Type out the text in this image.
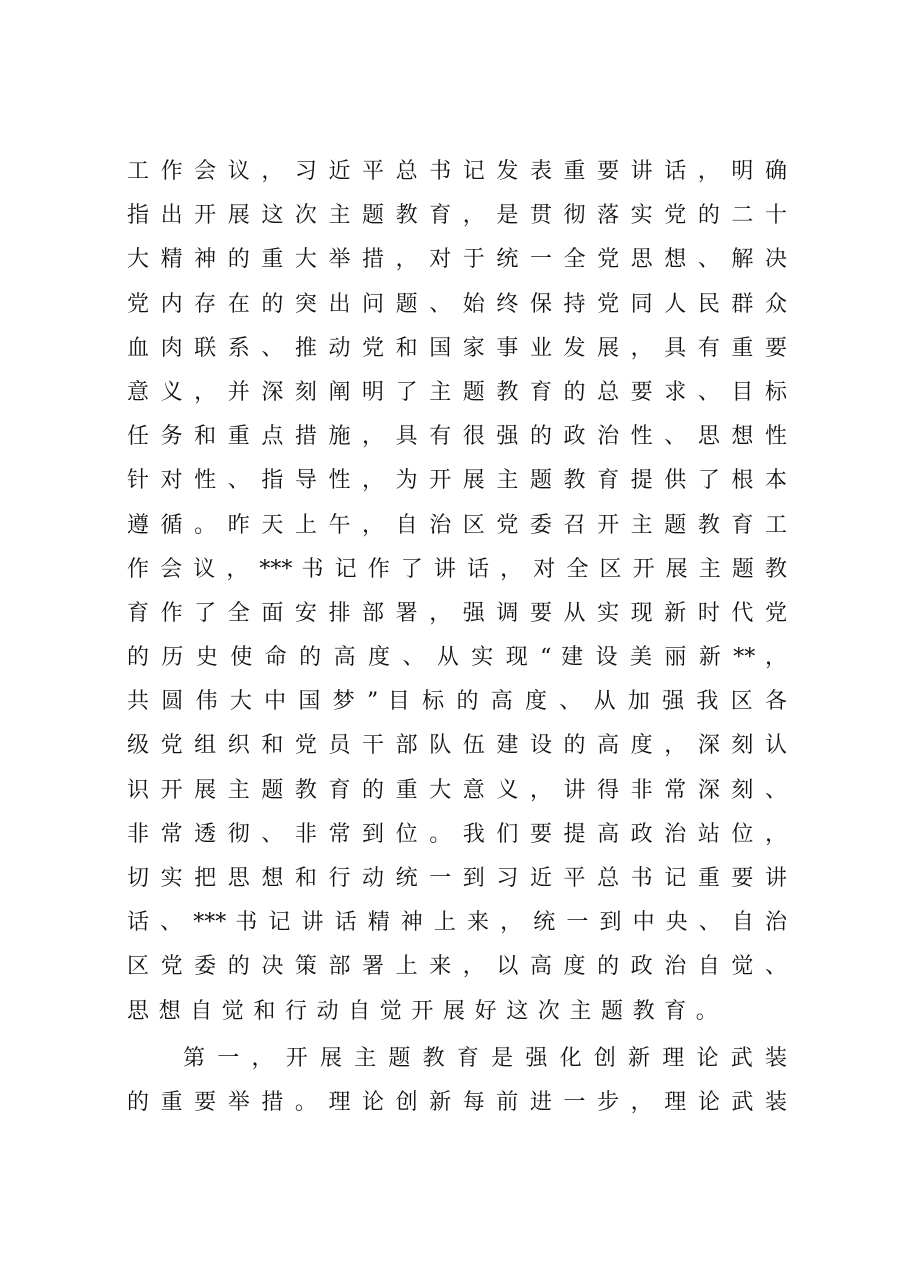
工 作 会 议 ， 习 近 平 总 书 记 发 表 重 要 讲 话 ， 明 确
指 出 开 展 这 次 主 题 教 育 ， 是 贯 彻 落 实 党 的 二 十
大 精 神 的 重 大 举 措 ， 对 于 统 一 全 党 思 想 、 解 决
党 内 存 在 的 突 出 问 题 、 始 终 保 持 党 同 人 民 群 众
血 肉 联 系 、 推 动 党 和 国 家 事 业 发 展 ， 具 有 重 要
意 义 ， 并 深 刻 阐 明 了 主 题 教 育 的 总 要 求 、 目 标
任 务 和 重 点 措 施 ， 具 有 很 强 的 政 治 性 、 思 想 性
针 对 性 、 指 导 性 ， 为 开 展 主 题 教 育 提 供 了 根 本
遵 循 。 昨 天 上 午 ， 自 治 区 党 委 召 开 主 题 教 育 工
作 会 议 ， *** 书 记 作 了 讲 话 ， 对 全 区 开 展 主 题 教
育 作 了 全 面 安 排 部 署 ， 强 调 要 从 实 现 新 时 代 党
的 历 史 使 命 的 高 度 、 从 实 现 “ 建 设 美 丽 新 ** ，
共 圆 伟 大 中 国 梦 ” 目 标 的 高 度 、 从 加 强 我 区 各
级 党 组 织 和 党 员 干 部 队 伍 建 设 的 高 度 ， 深 刻 认
识 开 展 主 题 教 育 的 重 大 意 义 ， 讲 得 非 常 深 刻 、
非 常 透 彻 、 非 常 到 位 。 我 们 要 提 高 政 治 站 位 ，
切 实 把 思 想 和 行 动 统 一 到 习 近 平 总 书 记 重 要 讲
话 、 *** 书 记 讲 话 精 神 上 来 ， 统 一 到 中 央 、 自 治
区 党 委 的 决 策 部 署 上 来 ， 以 高 度 的 政 治 自 觉 、
思想自觉和行动自觉开展好这次主题教育。
第 一 ， 开 展 主 题 教 育 是 强 化 创 新 理 论 武 装
的 重 要 举 措 。 理 论 创 新 每 前 进 一 步 ， 理 论 武 装
